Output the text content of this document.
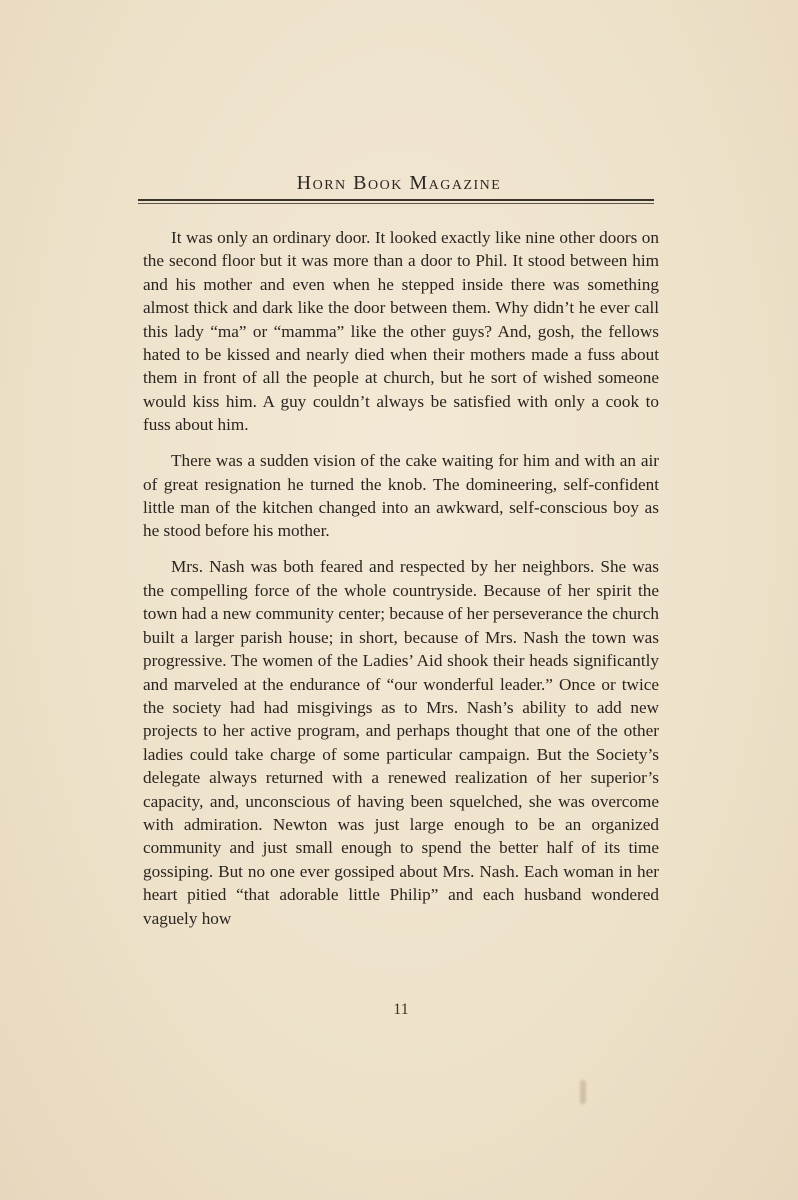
Horn Book Magazine

It was only an ordinary door. It looked exactly like nine other doors on the second floor but it was more than a door to Phil. It stood between him and his mother and even when he stepped inside there was something almost thick and dark like the door between them. Why didn’t he ever call this lady “ma” or “mamma” like the other guys? And, gosh, the fellows hated to be kissed and nearly died when their mothers made a fuss about them in front of all the people at church, but he sort of wished someone would kiss him. A guy couldn’t always be satisfied with only a cook to fuss about him.

There was a sudden vision of the cake waiting for him and with an air of great resignation he turned the knob. The domineering, self-confident little man of the kitchen changed into an awkward, self-conscious boy as he stood before his mother.

Mrs. Nash was both feared and respected by her neighbors. She was the compelling force of the whole countryside. Because of her spirit the town had a new community center; because of her perseverance the church built a larger parish house; in short, because of Mrs. Nash the town was progressive. The women of the Ladies’ Aid shook their heads significantly and marveled at the endurance of “our wonderful leader.” Once or twice the society had had misgivings as to Mrs. Nash’s ability to add new projects to her active program, and perhaps thought that one of the other ladies could take charge of some particular campaign. But the Society’s delegate always returned with a renewed realization of her superior’s capacity, and, unconscious of having been squelched, she was overcome with admiration. Newton was just large enough to be an organized community and just small enough to spend the better half of its time gossiping. But no one ever gossiped about Mrs. Nash. Each woman in her heart pitied “that adorable little Philip” and each husband wondered vaguely how

11
